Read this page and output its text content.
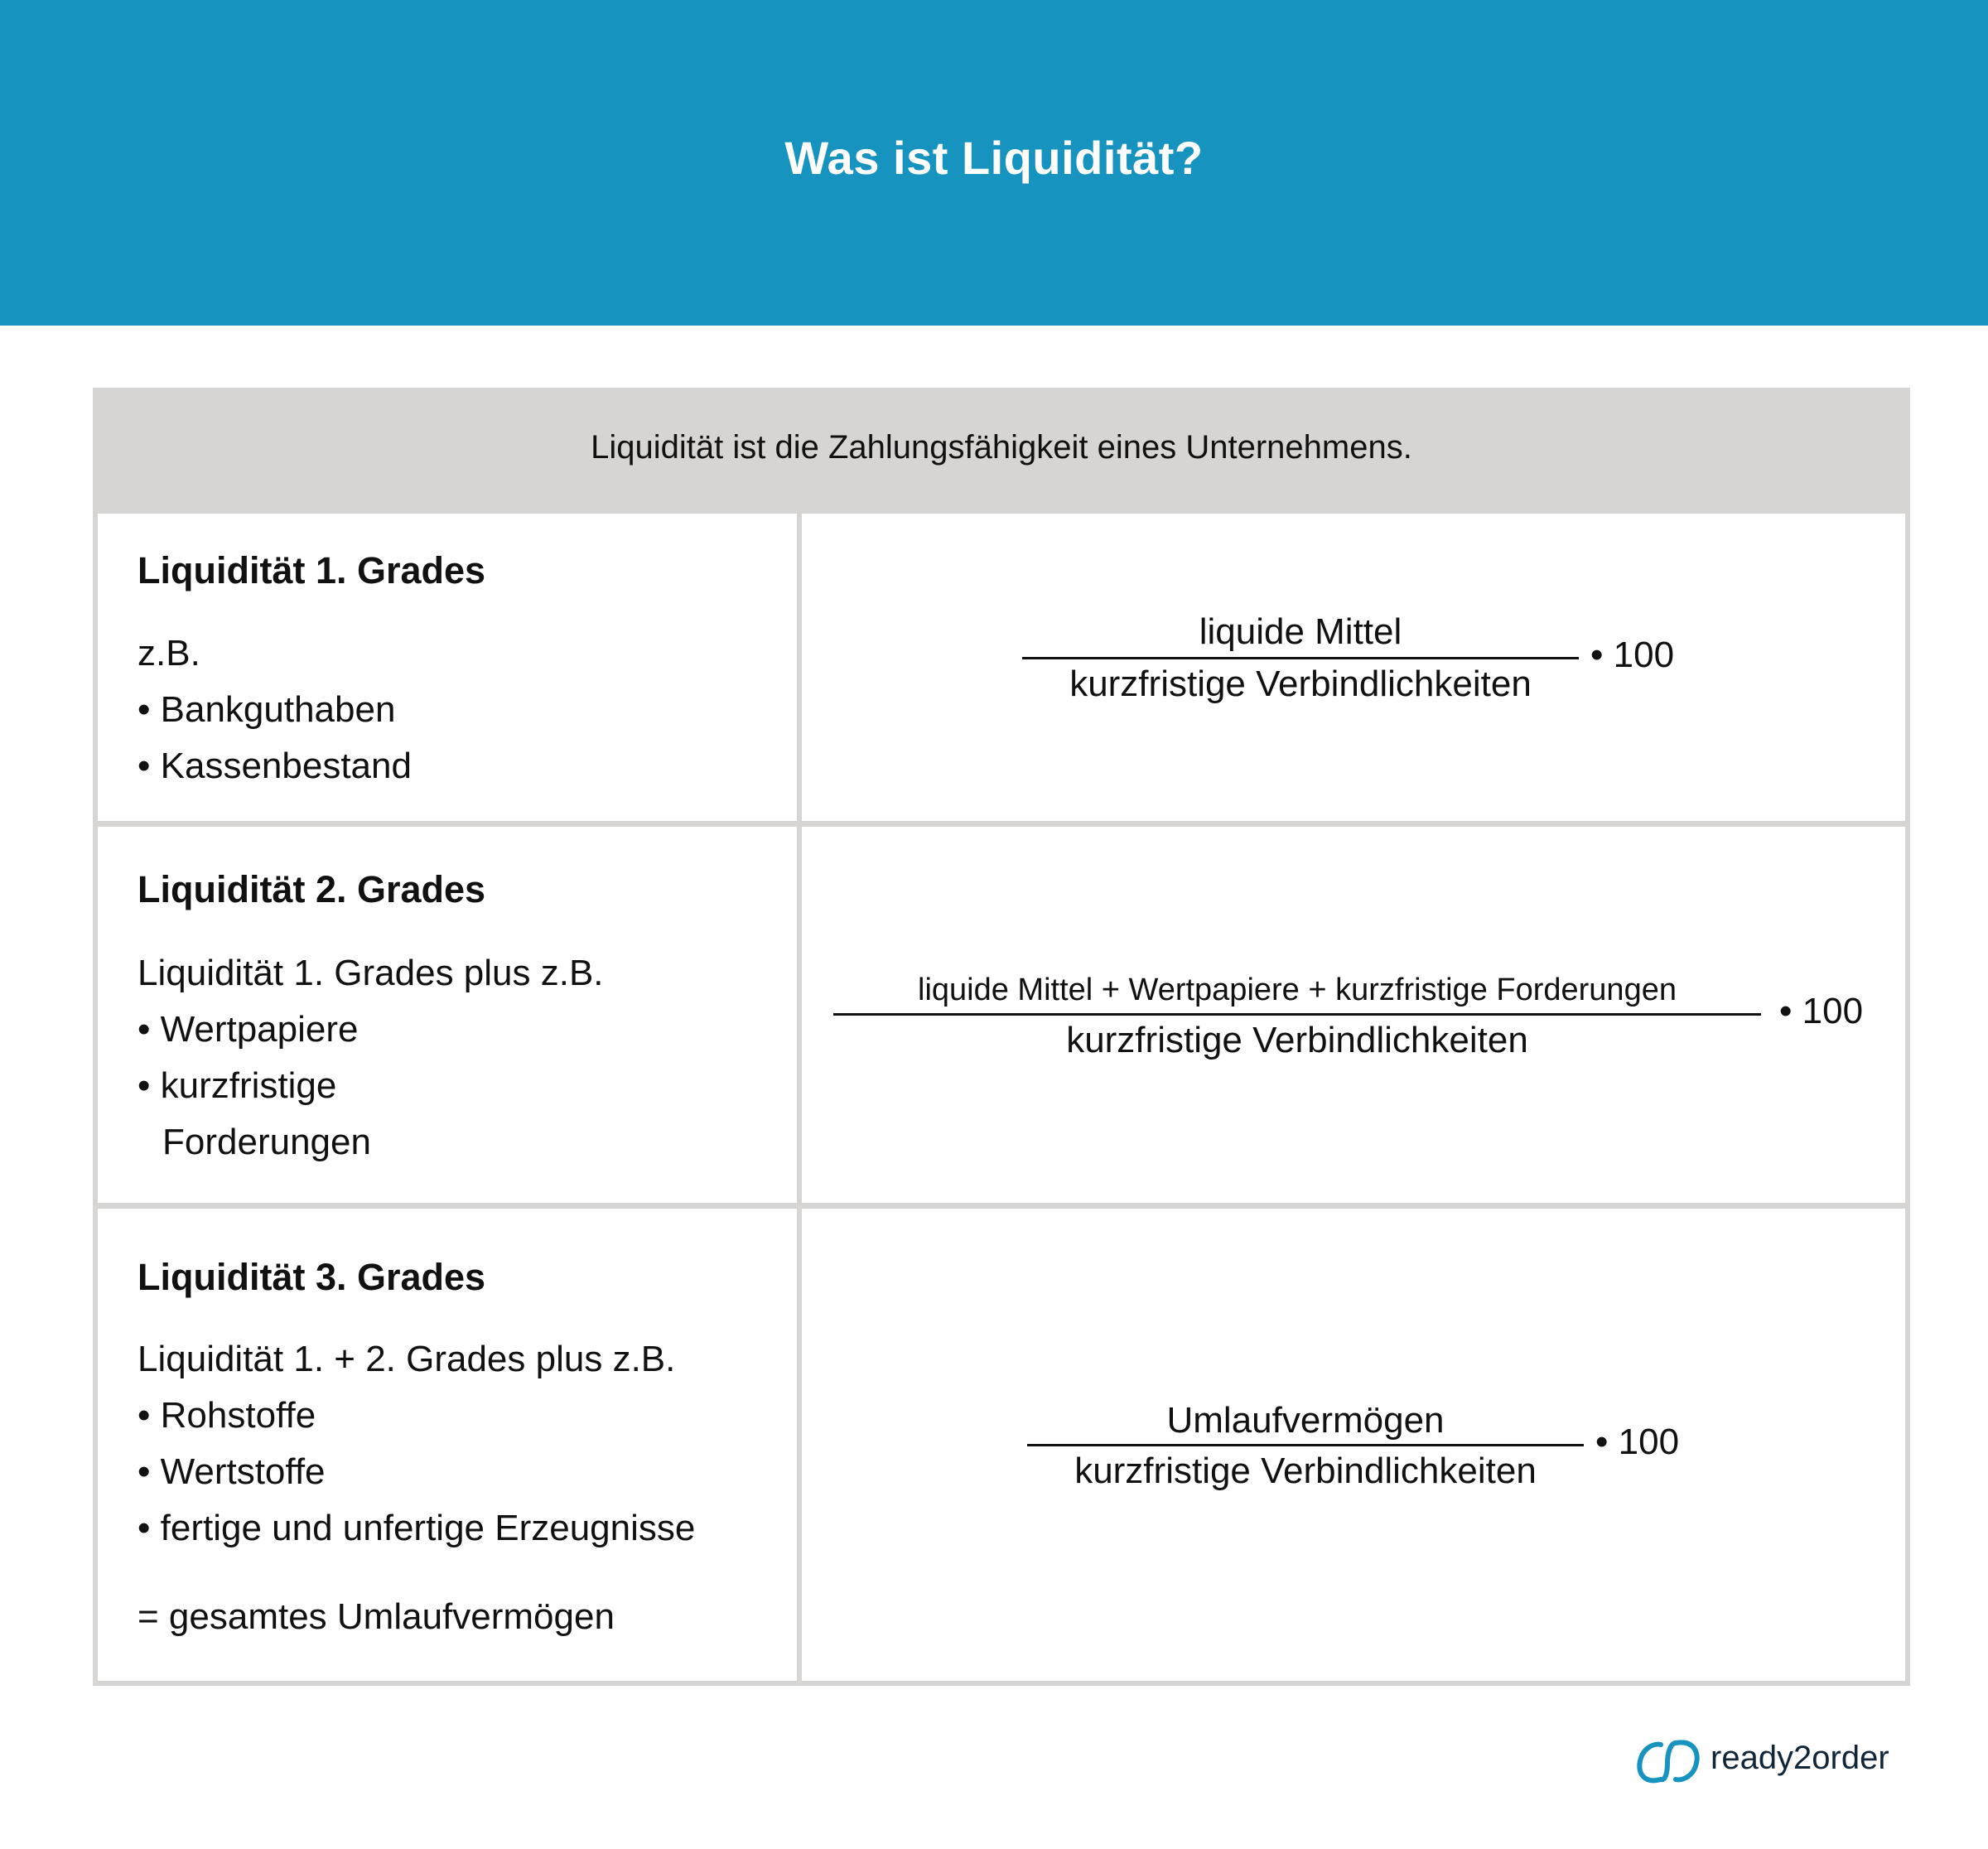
Was ist Liquidität?
Liquidität ist die Zahlungsfähigkeit eines Unternehmens.
Liquidität 1. Grades
z.B.
• Bankguthaben
• Kassenbestand
liquide Mittel
kurzfristige Verbindlichkeiten
• 100
Liquidität 2. Grades
Liquidität 1. Grades plus z.B.
• Wertpapiere
• kurzfristige
Forderungen
liquide Mittel + Wertpapiere + kurzfristige Forderungen
kurzfristige Verbindlichkeiten
• 100
Liquidität 3. Grades
Liquidität 1. + 2. Grades plus z.B.
• Rohstoffe
• Wertstoffe
• fertige und unfertige Erzeugnisse
= gesamtes Umlaufvermögen
Umlaufvermögen
kurzfristige Verbindlichkeiten
• 100
ready2order
